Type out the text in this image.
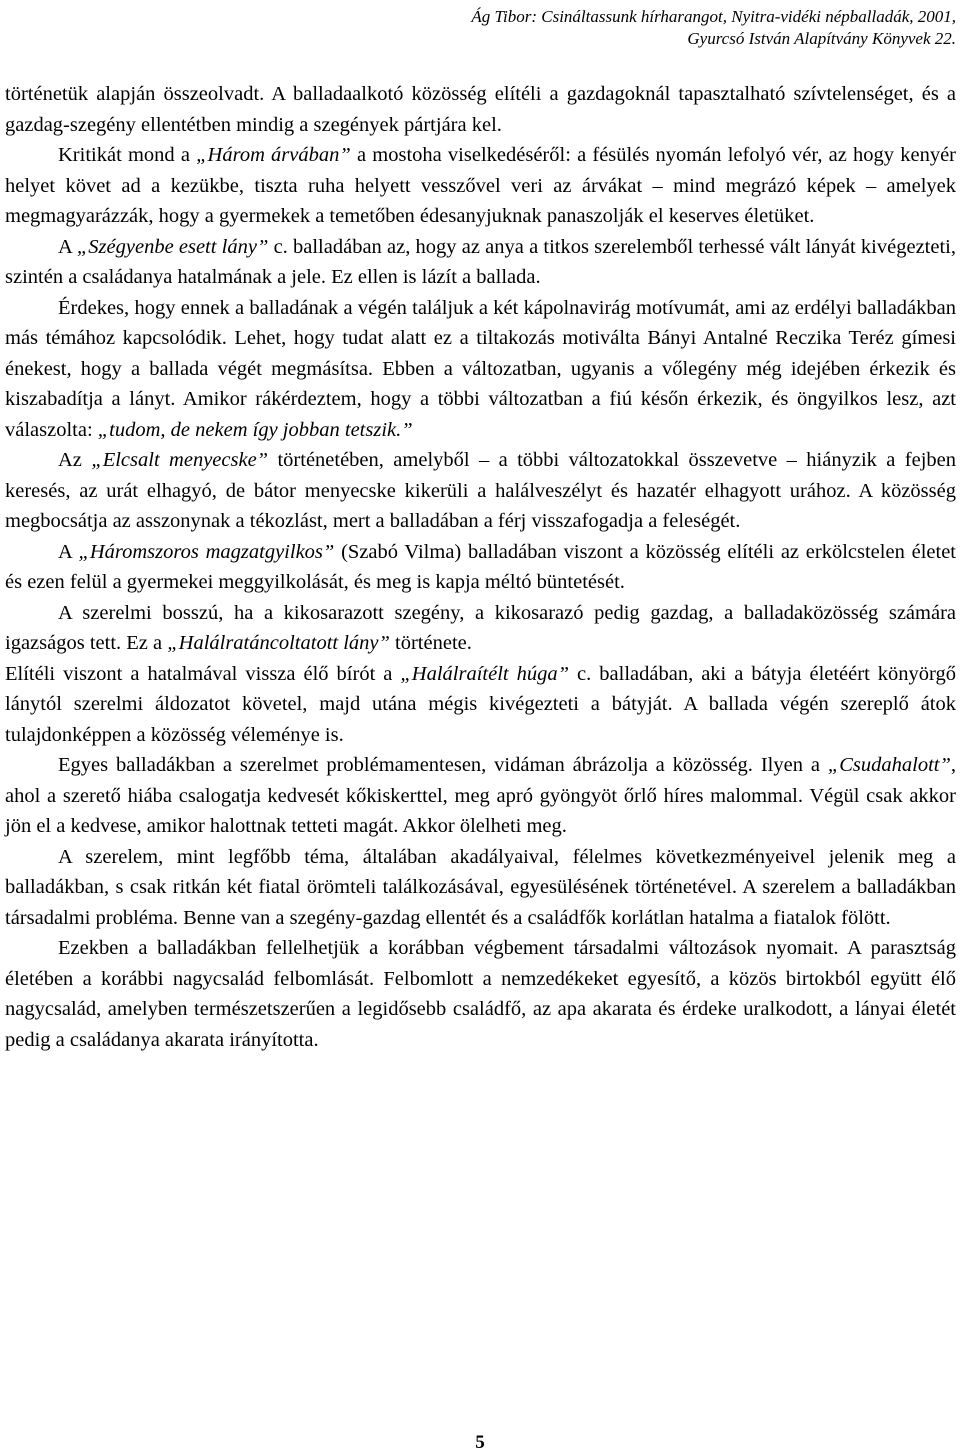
Ág Tibor: Csináltassunk hírharangot, Nyitra-vidéki népballadák, 2001,
Gyurcsó István Alapítvány Könyvek 22.

történetük alapján összeolvadt. A balladaalkotó közösség elítéli a gazdagoknál tapasztalható szívtelenséget, és a gazdag-szegény ellentétben mindig a szegények pártjára kel.

Kritikát mond a „Három árvában” a mostoha viselkedéséről: a fésülés nyomán lefolyó vér, az hogy kenyér helyet követ ad a kezükbe, tiszta ruha helyett vesszővel veri az árvákat – mind megrázó képek – amelyek megmagyarázzák, hogy a gyermekek a temetőben édesanyjuknak panaszolják el keserves életüket.

A „Szégyenbe esett lány” c. balladában az, hogy az anya a titkos szerelemből terhessé vált lányát kivégezteti, szintén a családanya hatalmának a jele. Ez ellen is lázít a ballada.

Érdekes, hogy ennek a balladának a végén találjuk a két kápolnavirág motívumát, ami az erdélyi balladákban más témához kapcsolódik. Lehet, hogy tudat alatt ez a tiltakozás motiválta Bányi Antalné Reczika Teréz gímesi énekest, hogy a ballada végét megmásítsa. Ebben a változatban, ugyanis a vőlegény még idejében érkezik és kiszabadítja a lányt. Amikor rákérdeztem, hogy a többi változatban a fiú későn érkezik, és öngyilkos lesz, azt válaszolta: „tudom, de nekem így jobban tetszik.”

Az „Elcsalt menyecske” történetében, amelyből – a többi változatokkal összevetve – hiányzik a fejben keresés, az urát elhagyó, de bátor menyecske kikerüli a halálveszélyt és hazatér elhagyott urához. A közösség megbocsátja az asszonynak a tékozlást, mert a balladában a férj visszafogadja a feleségét.

A „Háromszoros magzatgyilkos” (Szabó Vilma) balladában viszont a közösség elítéli az erkölcstelen életet és ezen felül a gyermekei meggyilkolását, és meg is kapja méltó büntetését.

A szerelmi bosszú, ha a kikosarazott szegény, a kikosarazó pedig gazdag, a balladaközösség számára igazságos tett. Ez a „Halálratáncoltatott lány” története.

Elítéli viszont a hatalmával vissza élő bírót a „Halálraítélt húga” c. balladában, aki a bátyja életéért könyörgő lánytól szerelmi áldozatot követel, majd utána mégis kivégezteti a bátyját. A ballada végén szereplő átok tulajdonképpen a közösség véleménye is.

Egyes balladákban a szerelmet problémamentesen, vidáman ábrázolja a közösség. Ilyen a „Csudahalott”, ahol a szerető hiába csalogatja kedvesét kőkiskerttel, meg apró gyöngyöt őrlő híres malommal. Végül csak akkor jön el a kedvese, amikor halottnak tetteti magát. Akkor ölelheti meg.

A szerelem, mint legfőbb téma, általában akadályaival, félelmes következményeivel jelenik meg a balladákban, s csak ritkán két fiatal örömteli találkozásával, egyesülésének történetével. A szerelem a balladákban társadalmi probléma. Benne van a szegény-gazdag ellentét és a családfők korlátlan hatalma a fiatalok fölött.

Ezekben a balladákban fellelhetjük a korábban végbement társadalmi változások nyomait. A parasztság életében a korábbi nagycsalád felbomlását. Felbomlott a nemzedékeket egyesítő, a közös birtokból együtt élő nagycsalád, amelyben természetszerűen a legidősebb családfő, az apa akarata és érdeke uralkodott, a lányai életét pedig a családanya akarata irányította.

5
